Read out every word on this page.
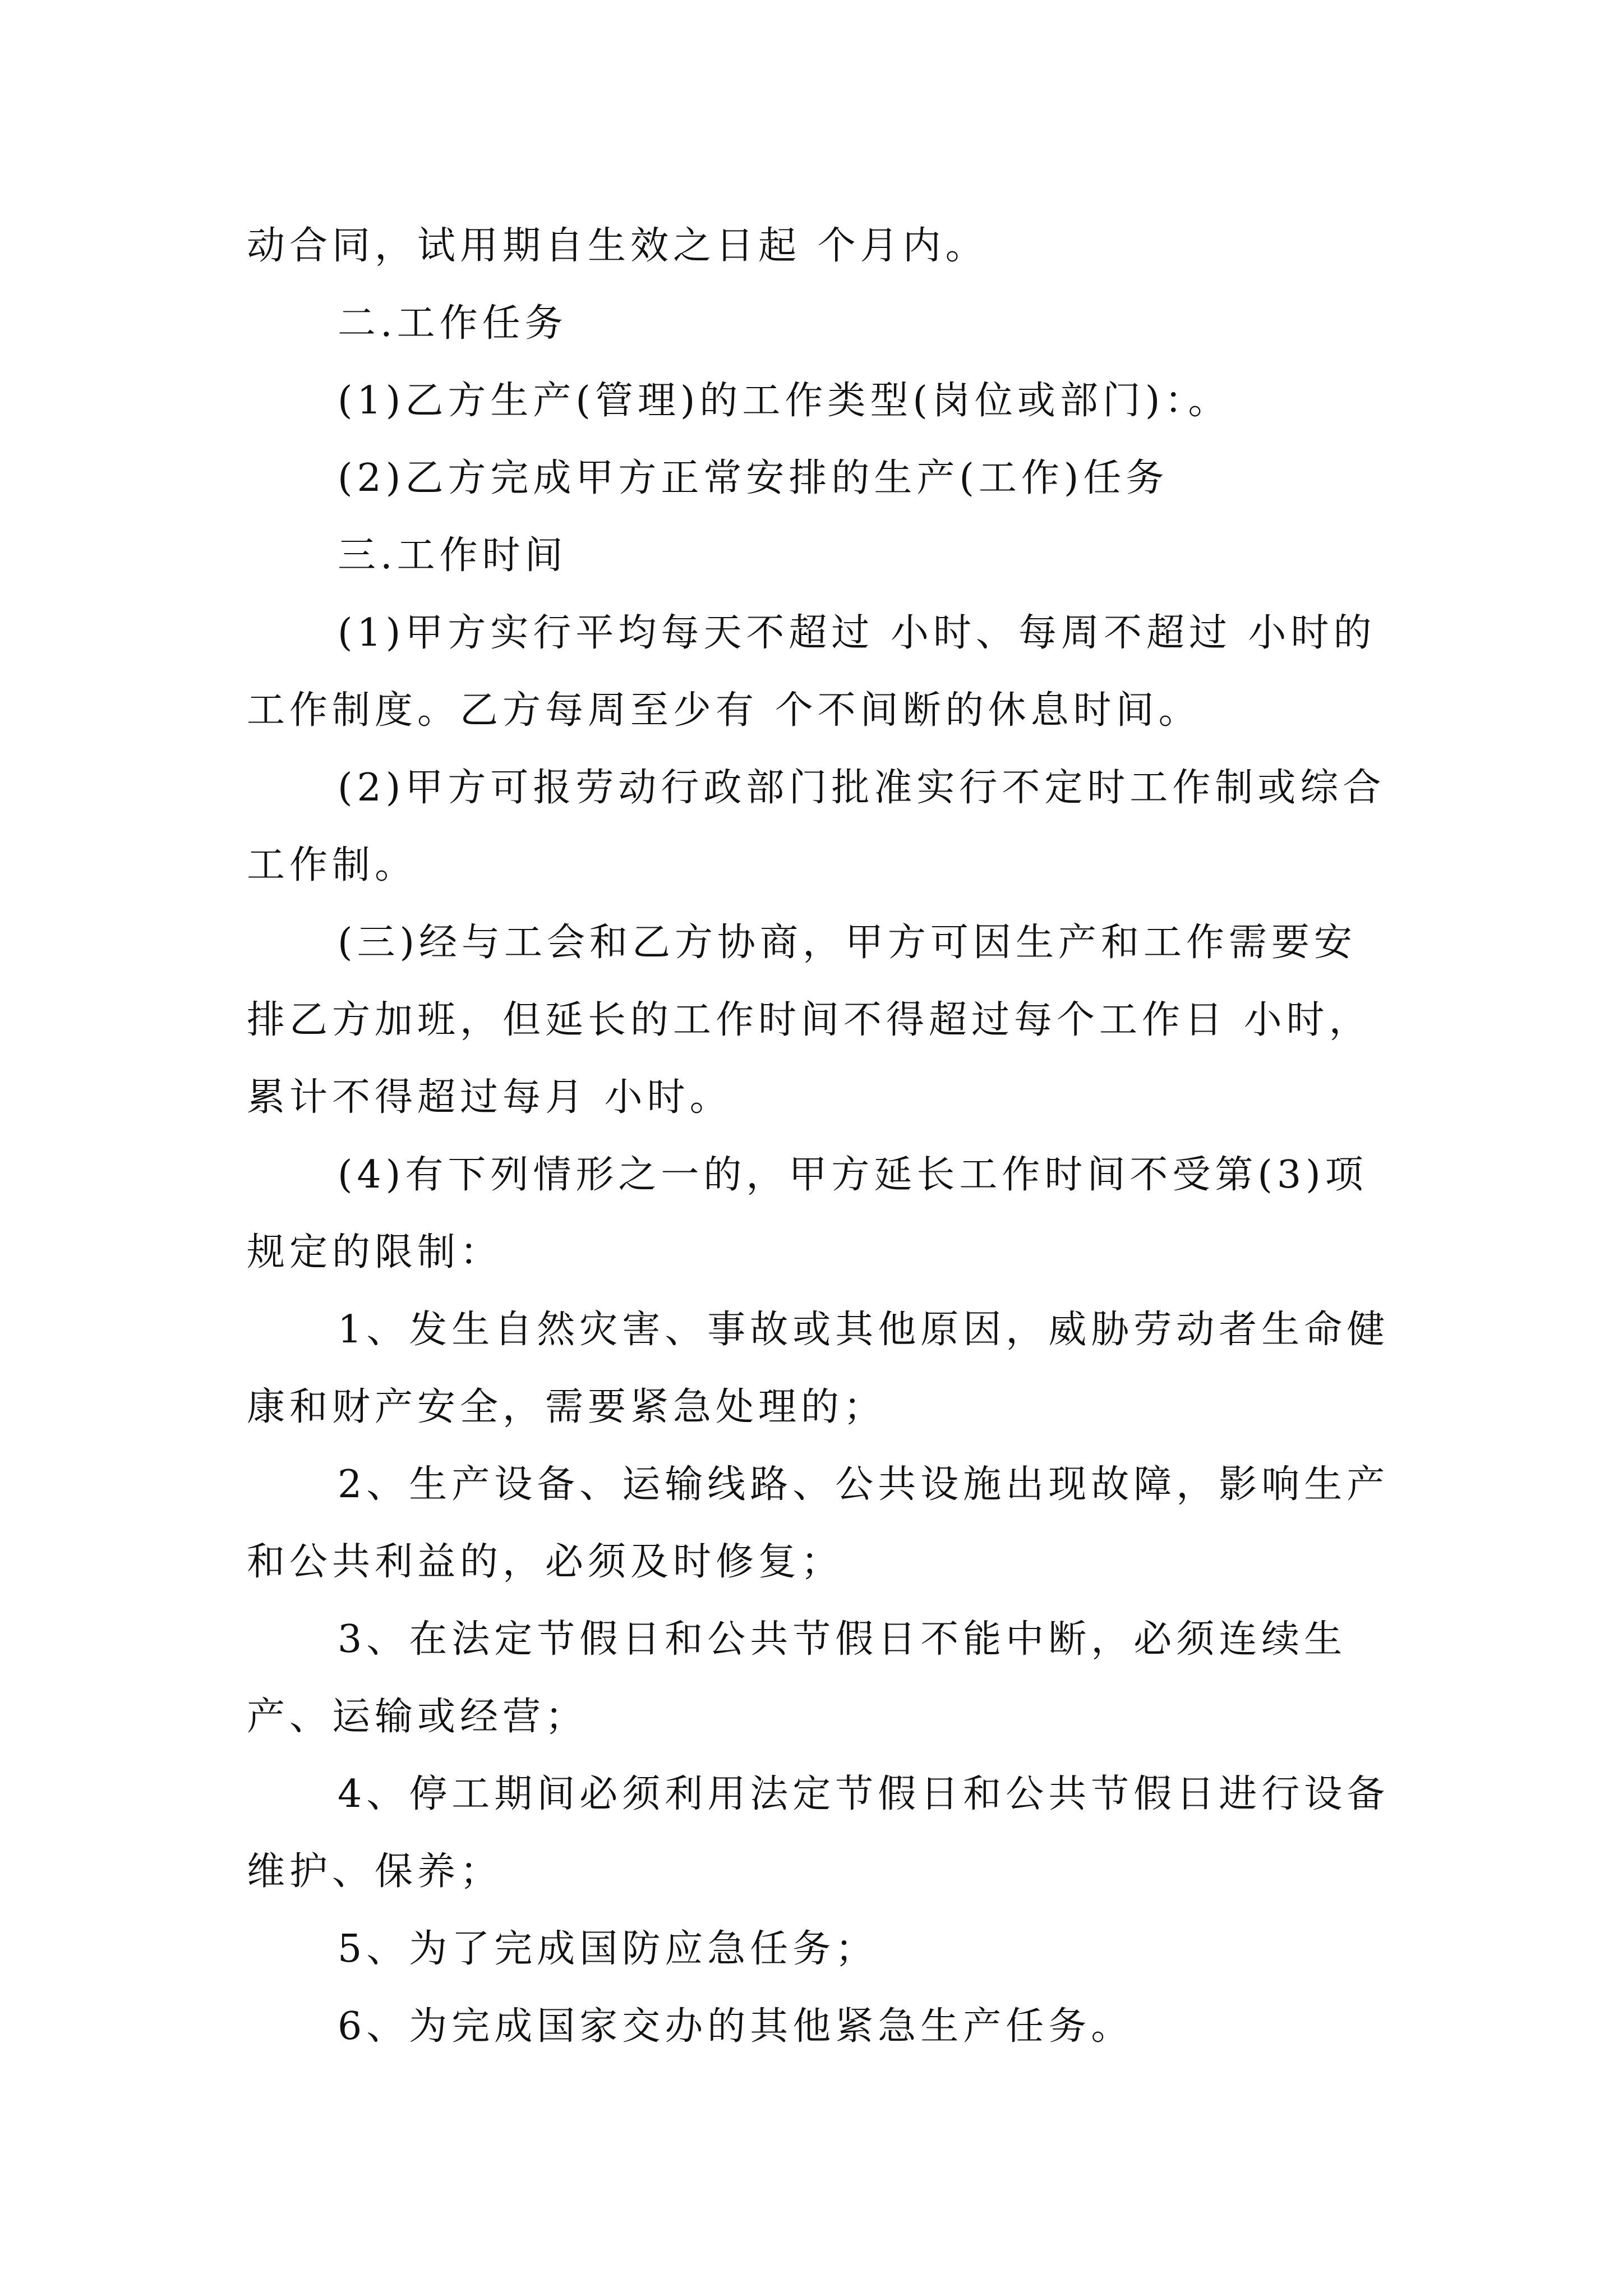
动合同，试用期自生效之日起 个月内。

二.工作任务

(1)乙方生产(管理)的工作类型(岗位或部门)：。

(2)乙方完成甲方正常安排的生产(工作)任务

三.工作时间

(1)甲方实行平均每天不超过 小时、每周不超过 小时的工作制度。乙方每周至少有 个不间断的休息时间。

(2)甲方可报劳动行政部门批准实行不定时工作制或综合工作制。

(三)经与工会和乙方协商，甲方可因生产和工作需要安排乙方加班，但延长的工作时间不得超过每个工作日 小时，累计不得超过每月 小时。

(4)有下列情形之一的，甲方延长工作时间不受第(3)项规定的限制：

1、发生自然灾害、事故或其他原因，威胁劳动者生命健康和财产安全，需要紧急处理的；

2、生产设备、运输线路、公共设施出现故障，影响生产和公共利益的，必须及时修复；

3、在法定节假日和公共节假日不能中断，必须连续生产、运输或经营；

4、停工期间必须利用法定节假日和公共节假日进行设备维护、保养；

5、为了完成国防应急任务；

6、为完成国家交办的其他紧急生产任务。
